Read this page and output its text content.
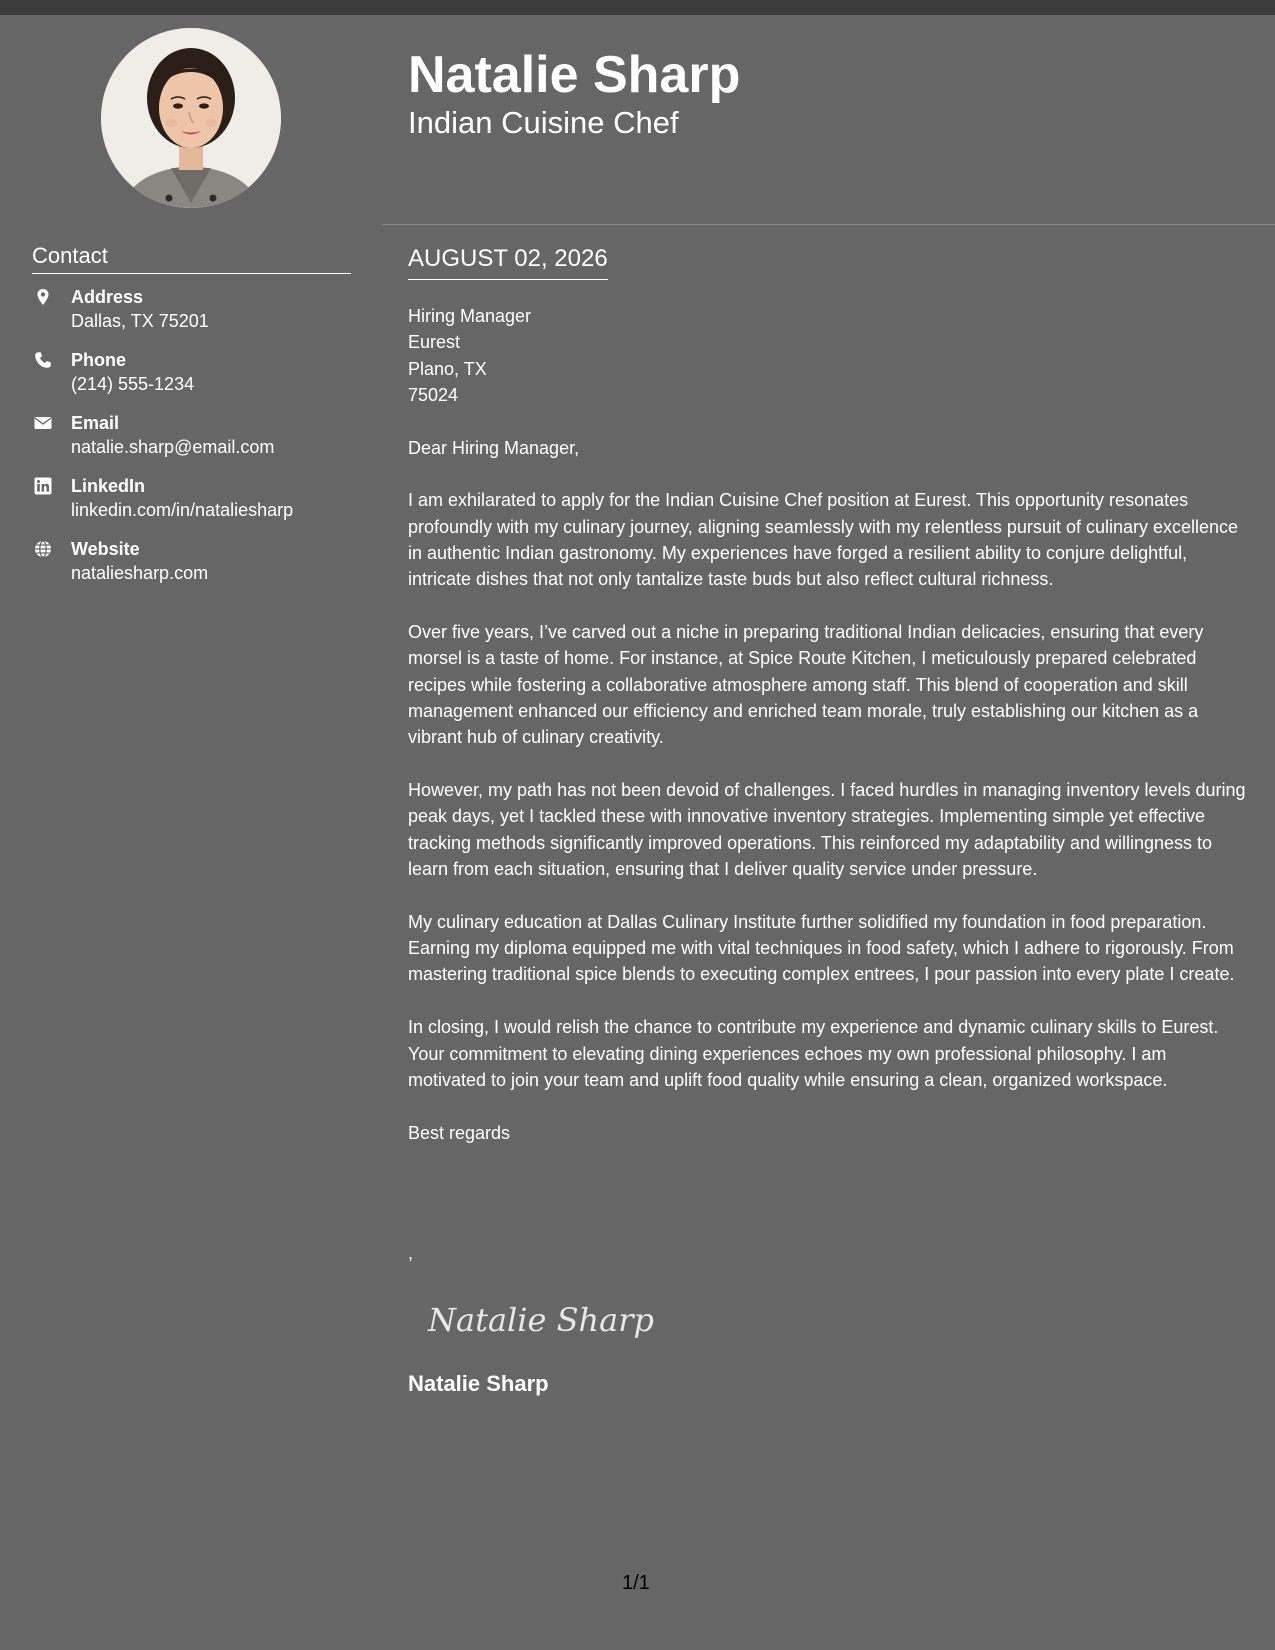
Contact
Address
Dallas, TX 75201
Phone
(214) 555-1234
Email
natalie.sharp@email.com
LinkedIn
linkedin.com/in/nataliesharp
Website
nataliesharp.com
Natalie Sharp
Indian Cuisine Chef
AUGUST 02, 2026

Hiring Manager

Eurest

Plano, TX

75024

Dear Hiring Manager,

I am exhilarated to apply for the Indian Cuisine Chef position at Eurest. This opportunity resonates profoundly with my culinary journey, aligning seamlessly with my relentless pursuit of culinary excellence in authentic Indian gastronomy. My experiences have forged a resilient ability to conjure delightful, intricate dishes that not only tantalize taste buds but also reflect cultural richness.

Over five years, I’ve carved out a niche in preparing traditional Indian delicacies, ensuring that every morsel is a taste of home. For instance, at Spice Route Kitchen, I meticulously prepared celebrated recipes while fostering a collaborative atmosphere among staff. This blend of cooperation and skill management enhanced our efficiency and enriched team morale, truly establishing our kitchen as a vibrant hub of culinary creativity.

However, my path has not been devoid of challenges. I faced hurdles in managing inventory levels during peak days, yet I tackled these with innovative inventory strategies. Implementing simple yet effective tracking methods significantly improved operations. This reinforced my adaptability and willingness to learn from each situation, ensuring that I deliver quality service under pressure.

My culinary education at Dallas Culinary Institute further solidified my foundation in food preparation. Earning my diploma equipped me with vital techniques in food safety, which I adhere to rigorously. From mastering traditional spice blends to executing complex entrees, I pour passion into every plate I create.

In closing, I would relish the chance to contribute my experience and dynamic culinary skills to Eurest. Your commitment to elevating dining experiences echoes my own professional philosophy. I am motivated to join your team and uplift food quality while ensuring a clean, organized workspace.

Best regards

,
Natalie Sharp
Natalie Sharp
1/1
